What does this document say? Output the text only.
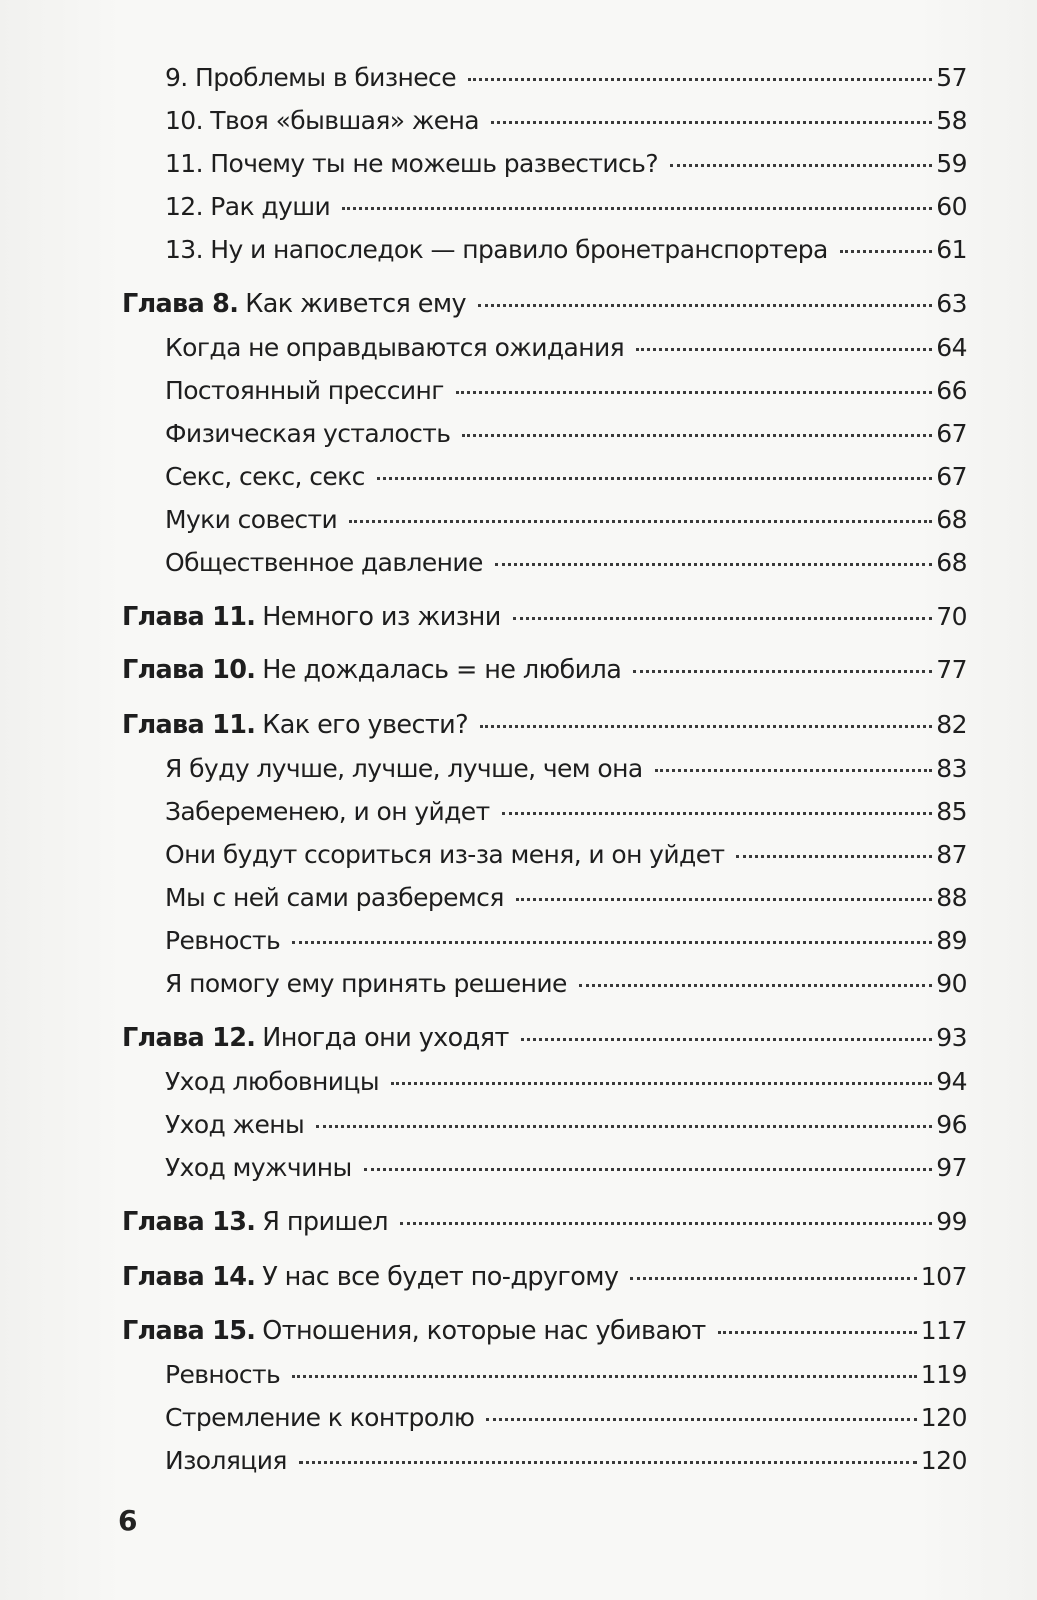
9. Проблемы в бизнесе	57
10. Твоя «бывшая» жена	58
11. Почему ты не можешь развестись?	59
12. Рак души	60
13. Ну и напоследок — правило бронетранспортера	61
Глава 8. Как живется ему	63
Когда не оправдываются ожидания	64
Постоянный прессинг	66
Физическая усталость	67
Секс, секс, секс	67
Муки совести	68
Общественное давление	68
Глава 11. Немного из жизни	70
Глава 10. Не дождалась = не любила	77
Глава 11. Как его увести?	82
Я буду лучше, лучше, лучше, чем она	83
Забеременею, и он уйдет	85
Они будут ссориться из-за меня, и он уйдет	87
Мы с ней сами разберемся	88
Ревность	89
Я помогу ему принять решение	90
Глава 12. Иногда они уходят	93
Уход любовницы	94
Уход жены	96
Уход мужчины	97
Глава 13. Я пришел	99
Глава 14. У нас все будет по-другому	107
Глава 15. Отношения, которые нас убивают	117
Ревность	119
Стремление к контролю	120
Изоляция	120
6
